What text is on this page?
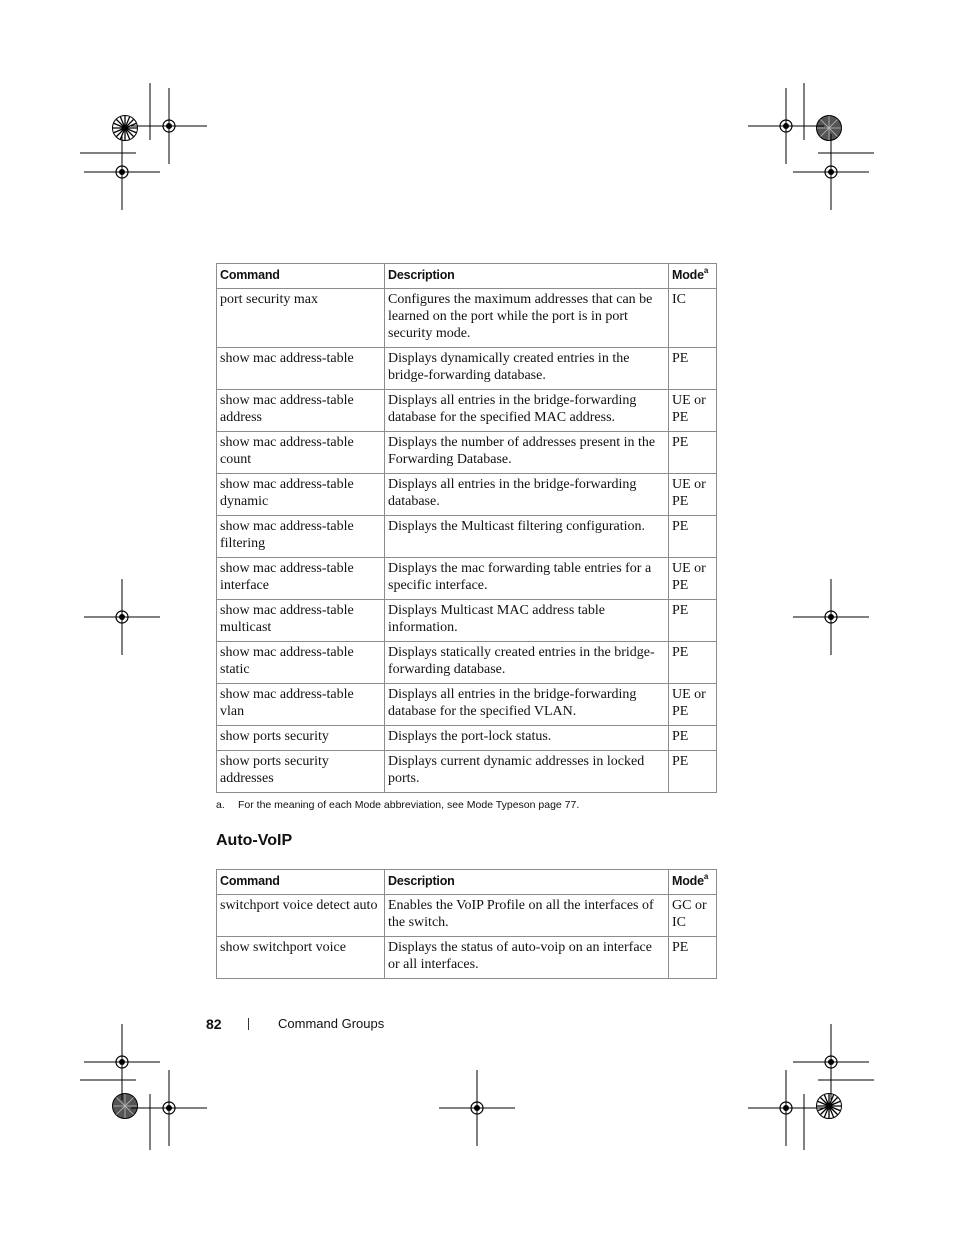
Command	Description	Mode$^a$
port security max	Configures the maximum addresses that can be learned on the port while the port is in port security mode.	IC
show mac address-table	Displays dynamically created entries in the bridge-forwarding database.	PE
show mac address-table address	Displays all entries in the bridge-forwarding database for the specified MAC address.	UE or PE
show mac address-table count	Displays the number of addresses present in the Forwarding Database.	PE
show mac address-table dynamic	Displays all entries in the bridge-forwarding database.	UE or PE
show mac address-table filtering	Displays the Multicast filtering configuration.	PE
show mac address-table interface	Displays the mac forwarding table entries for a specific interface.	UE or PE
show mac address-table multicast	Displays Multicast MAC address table information.	PE
show mac address-table static	Displays statically created entries in the bridge-forwarding database.	PE
show mac address-table vlan	Displays all entries in the bridge-forwarding database for the specified VLAN.	UE or PE
show ports security	Displays the port-lock status.	PE
show ports security addresses	Displays current dynamic addresses in locked ports.	PE
a. For the meaning of each Mode abbreviation, see Mode Typeson page 77.
Auto-VoIP
Command	Description	Mode$^a$
switchport voice detect auto	Enables the VoIP Profile on all the interfaces of the switch.	GC or IC
show switchport voice	Displays the status of auto-voip on an interface or all interfaces.	PE
82	Command Groups
